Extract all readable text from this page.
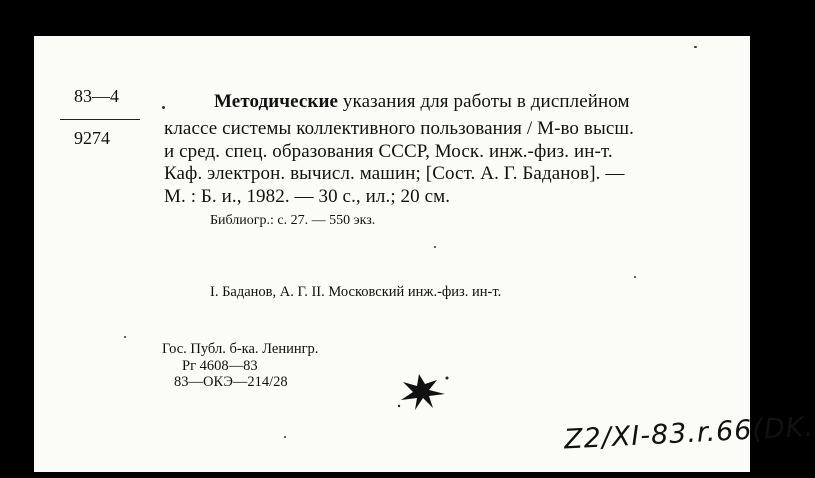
83—4
9274
Методические указания для работы в дисплейном
классе системы коллективного пользования / М-во высш.
и сред. спец. образования СССР, Моск. инж.-физ. ин-т.
Каф. электрон. вычисл. машин; [Сост. А. Г. Баданов]. —
М. : Б. и., 1982. — 30 с., ил.; 20 см.
Библиогр.: с. 27. — 550 экз.
I. Баданов, А. Г. II. Московский инж.-физ. ин-т.
Гос. Публ. б-ка. Ленингр.
Рг 4608—83
83—ОКЭ—214/28
Z2/XI-83.r.66(DK.
